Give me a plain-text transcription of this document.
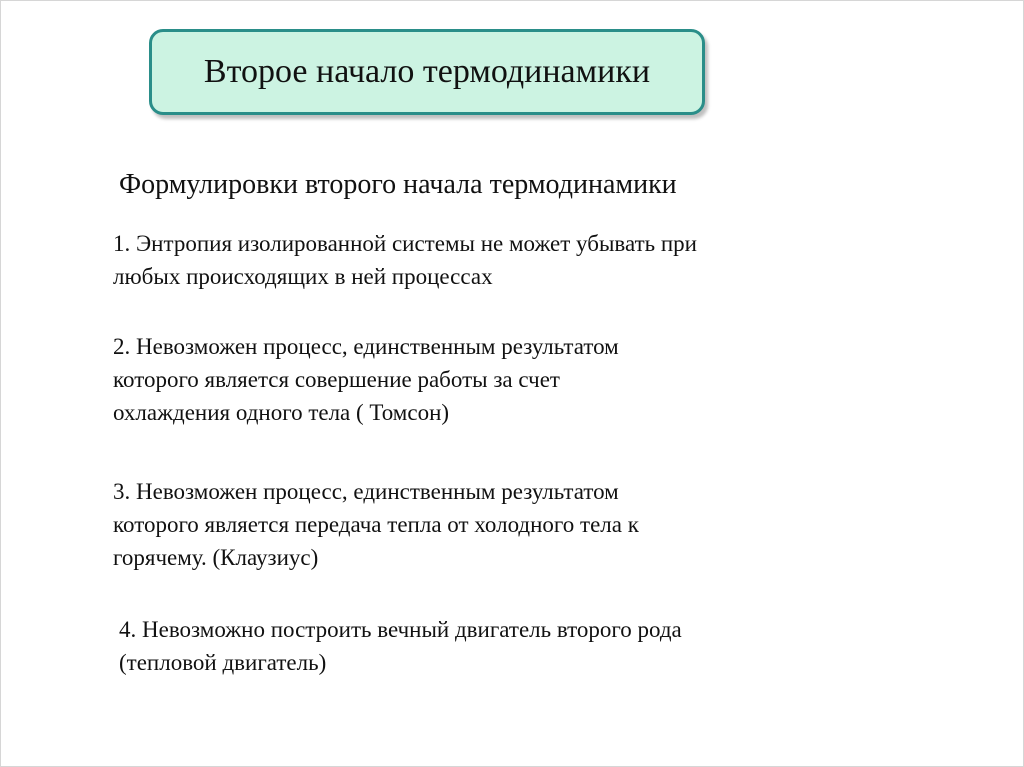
Второе начало термодинамики
Формулировки второго начала термодинамики
1. Энтропия изолированной системы не может убывать при
любых происходящих в ней процессах
2. Невозможен процесс, единственным результатом
которого является совершение работы за счет
охлаждения одного тела ( Томсон)
3. Невозможен процесс, единственным результатом
которого является передача тепла от холодного тела к
горячему. (Клаузиус)
4. Невозможно построить вечный двигатель второго рода
(тепловой двигатель)
